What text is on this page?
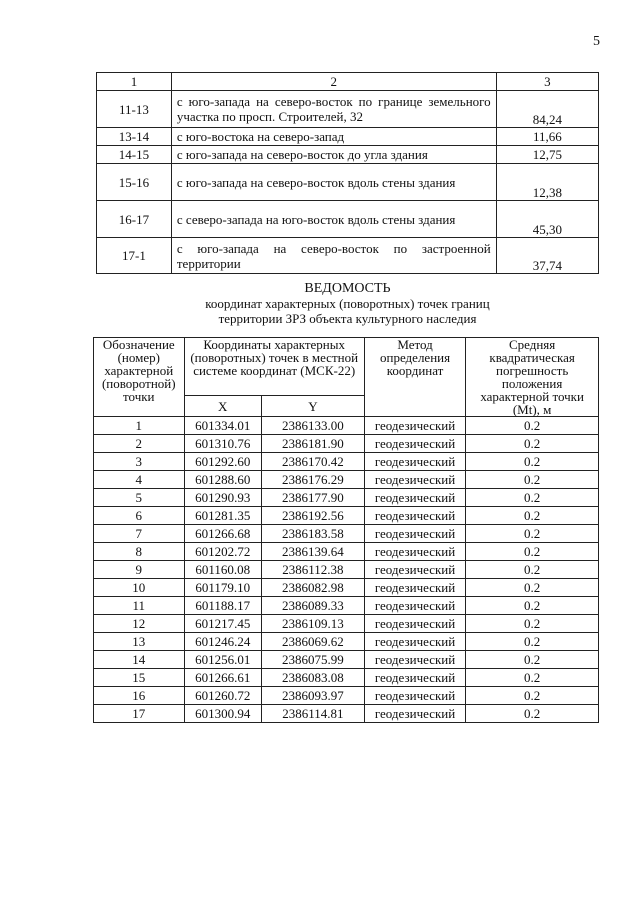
5
1	2	3
11-13	с юго-запада на северо-восток по границе земельного участка по просп. Строителей, 32	84,24
13-14	с юго-востока на северо-запад	11,66
14-15	с юго-запада на северо-восток до угла здания	12,75
15-16	с юго-запада на северо-восток вдоль стены здания	12,38
16-17	с северо-запада на юго-восток вдоль стены здания	45,30
17-1	с юго-запада на северо-восток по застроенной территории	37,74
ВЕДОМОСТЬ
координат характерных (поворотных) точек границ
территории ЗРЗ объекта культурного наследия
Обозначение (номер) характерной (поворотной) точки	Координаты характерных (поворотных) точек в местной системе координат (МСК-22)		Метод определения координат	Средняя квадратическая погрешность положения характерной точки (Mt), м
	X	Y		
1	601334.01	2386133.00	геодезический	0.2
2	601310.76	2386181.90	геодезический	0.2
3	601292.60	2386170.42	геодезический	0.2
4	601288.60	2386176.29	геодезический	0.2
5	601290.93	2386177.90	геодезический	0.2
6	601281.35	2386192.56	геодезический	0.2
7	601266.68	2386183.58	геодезический	0.2
8	601202.72	2386139.64	геодезический	0.2
9	601160.08	2386112.38	геодезический	0.2
10	601179.10	2386082.98	геодезический	0.2
11	601188.17	2386089.33	геодезический	0.2
12	601217.45	2386109.13	геодезический	0.2
13	601246.24	2386069.62	геодезический	0.2
14	601256.01	2386075.99	геодезический	0.2
15	601266.61	2386083.08	геодезический	0.2
16	601260.72	2386093.97	геодезический	0.2
17	601300.94	2386114.81	геодезический	0.2
